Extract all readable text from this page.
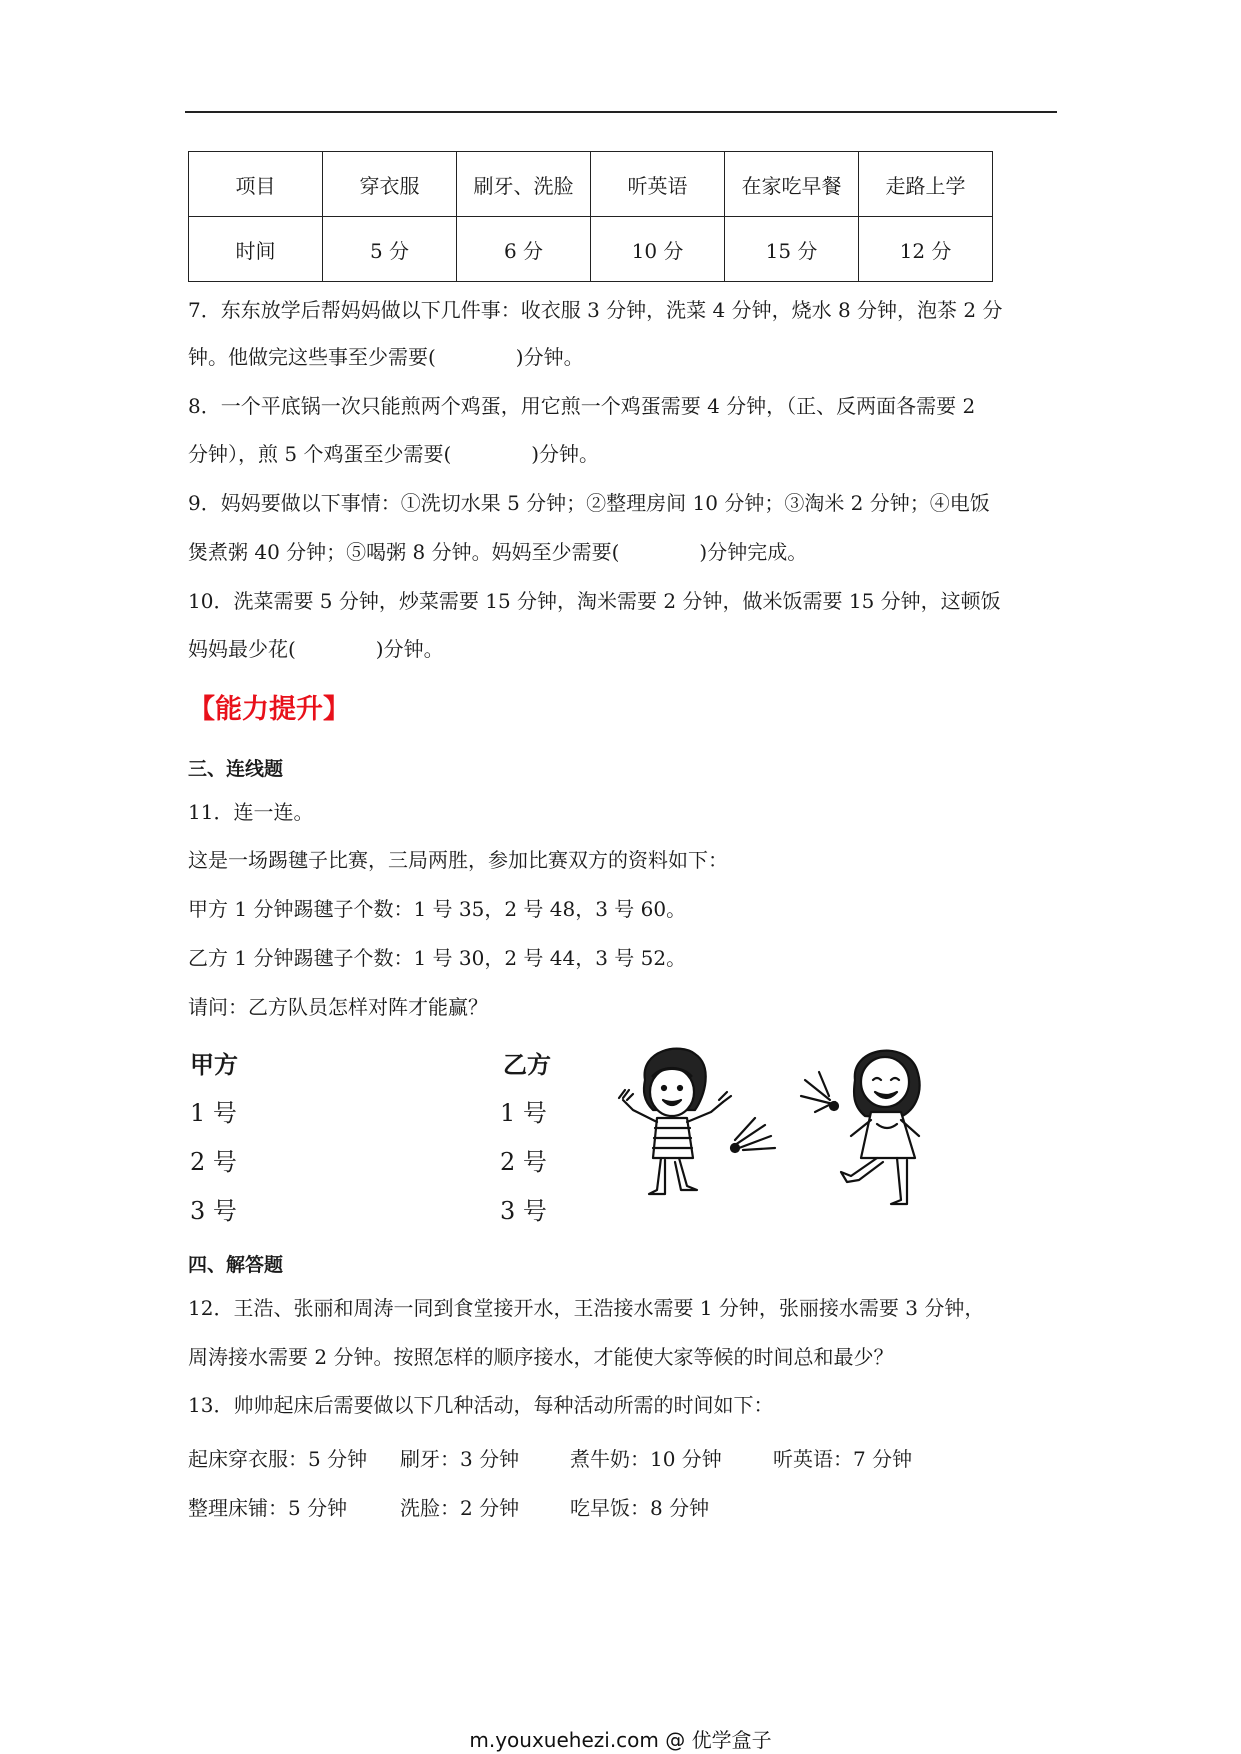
项目	穿衣服	刷牙、洗脸	听英语	在家吃早餐	走路上学
时间	5 分	6 分	10 分	15 分	12 分
7．东东放学后帮妈妈做以下几件事：收衣服 3 分钟，洗菜 4 分钟，烧水 8 分钟，泡茶 2 分
钟。他做完这些事至少需要(　　　　)分钟。
8．一个平底锅一次只能煎两个鸡蛋，用它煎一个鸡蛋需要 4 分钟，（正、反两面各需要 2
分钟），煎 5 个鸡蛋至少需要(　　　　)分钟。
9．妈妈要做以下事情：①洗切水果 5 分钟；②整理房间 10 分钟；③淘米 2 分钟；④电饭
煲煮粥 40 分钟；⑤喝粥 8 分钟。妈妈至少需要(　　　　)分钟完成。
10．洗菜需要 5 分钟，炒菜需要 15 分钟，淘米需要 2 分钟，做米饭需要 15 分钟，这顿饭
妈妈最少花(　　　　)分钟。
【能力提升】
三、连线题
11．连一连。
这是一场踢毽子比赛，三局两胜，参加比赛双方的资料如下：
甲方 1 分钟踢毽子个数：1 号 35，2 号 48，3 号 60。
乙方 1 分钟踢毽子个数：1 号 30，2 号 44，3 号 52。
请问：乙方队员怎样对阵才能赢？
甲方	乙方
1 号
2 号
3 号
1 号
2 号
3 号
四、解答题
12．王浩、张丽和周涛一同到食堂接开水，王浩接水需要 1 分钟，张丽接水需要 3 分钟，
周涛接水需要 2 分钟。按照怎样的顺序接水，才能使大家等候的时间总和最少？
13．帅帅起床后需要做以下几种活动，每种活动所需的时间如下：
起床穿衣服：5 分钟 刷牙：3 分钟	煮牛奶：10 分钟	听英语：7 分钟
整理床铺：5 分钟	洗脸：2 分钟	吃早饭：8 分钟
m.youxuehezi.com @ 优学盒子
